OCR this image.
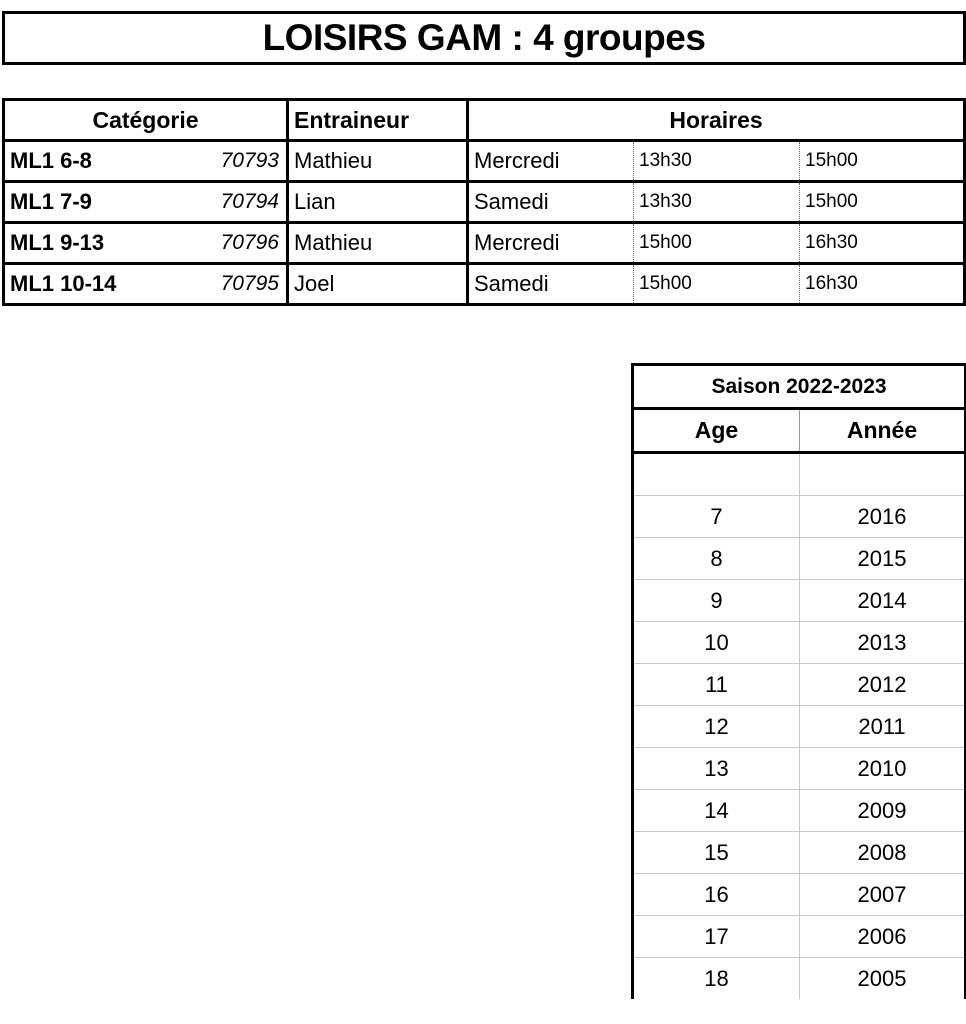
LOISIRS GAM : 4 groupes
Catégorie	Entraineur	Horaires		
ML1 6-8 70793	Mathieu	Mercredi	13h30	15h00
ML1 7-9 70794	Lian	Samedi	13h30	15h00
ML1 9-13 70796	Mathieu	Mercredi	15h00	16h30
ML1 10-14 70795	Joel	Samedi	15h00	16h30
Saison 2022-2023	
Age	Année

7	2016
8	2015
9	2014
10	2013
11	2012
12	2011
13	2010
14	2009
15	2008
16	2007
17	2006
18	2005
